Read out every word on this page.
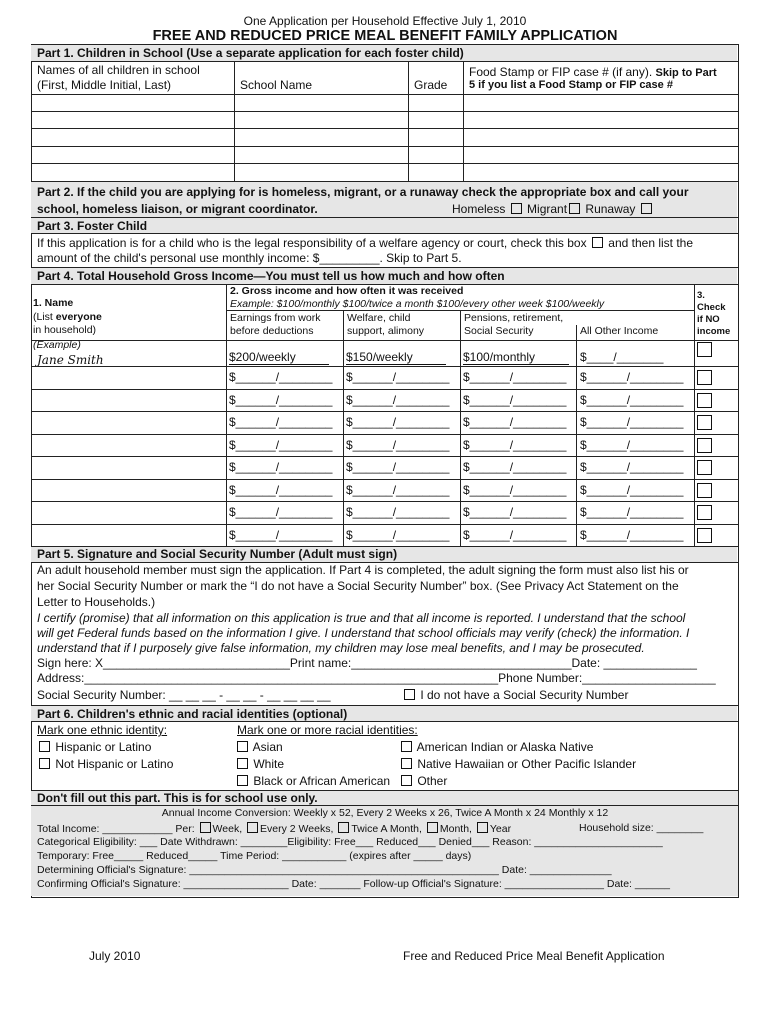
One Application per Household Effective July 1, 2010
FREE AND REDUCED PRICE MEAL BENEFIT FAMILY APPLICATION
Part 1. Children in School (Use a separate application for each foster child)
Names of all children in school
(First, Middle Initial, Last)	School Name	Grade
Food Stamp or FIP case # (if any). Skip to Part
5 if you list a Food Stamp or FIP case #
Part 2. If the child you are applying for is homeless, migrant, or a runaway check the appropriate box and call your
school, homeless liaison, or migrant coordinator.	Homeless Migrant Runaway
Part 3. Foster Child
If this application is for a child who is the legal responsibility of a welfare agency or court, check this box and then list the
amount of the child's personal use monthly income: $_________. Skip to Part 5.
Part 4. Total Household Gross Income—You must tell us how much and how often
2. Gross income and how often it was received
Example: $100/monthly $100/twice a month $100/every other week $100/weekly
1. Name
(List everyone
in household)
Earnings from work
before deductions
Welfare, child
support, alimony
Pensions, retirement,
Social Security	All Other Income
3.
Check
if NO
income
(Example)
Jane Smith	$200/weekly	$150/weekly	$100/monthly	$____/_______
$______/________ $______/________ $______/________ $______/________
$______/________ $______/________ $______/________ $______/________
$______/________ $______/________ $______/________ $______/________
$______/________ $______/________ $______/________ $______/________
$______/________ $______/________ $______/________ $______/________
$______/________ $______/________ $______/________ $______/________
$______/________ $______/________ $______/________ $______/________
$______/________ $______/________ $______/________ $______/________
Part 5. Signature and Social Security Number (Adult must sign)
An adult household member must sign the application. If Part 4 is completed, the adult signing the form must also list his or
her Social Security Number or mark the “I do not have a Social Security Number” box. (See Privacy Act Statement on the
Letter to Households.)
I certify (promise) that all information on this application is true and that all income is reported. I understand that the school
will get Federal funds based on the information I give. I understand that school officials may verify (check) the information. I
understand that if I purposely give false information, my children may lose meal benefits, and I may be prosecuted.
Sign here: X____________________________Print name:_________________________________Date: ______________
Address:______________________________________________________________Phone Number:____________________
Social Security Number: __ __ __ - __ __ - __ __ __ __	I do not have a Social Security Number
Part 6. Children's ethnic and racial identities (optional)
Mark one ethnic identity:	Mark one or more racial identities:
Hispanic or Latino
Not Hispanic or Latino
Asian
White
Black or African American
American Indian or Alaska Native
Native Hawaiian or Other Pacific Islander
Other
Don't fill out this part. This is for school use only.
Annual Income Conversion: Weekly x 52, Every 2 Weeks x 26, Twice A Month x 24 Monthly x 12
Total Income: ____________ Per: Week, Every 2 Weeks, Twice A Month, Month, Year	Household size: ________
Categorical Eligibility: ___ Date Withdrawn: ________Eligibility: Free___ Reduced___ Denied___ Reason: ______________________
Temporary: Free_____ Reduced_____ Time Period: ___________ (expires after _____ days)
Determining Official's Signature: _____________________________________________________ Date: ______________
Confirming Official's Signature: __________________ Date: _______ Follow-up Official's Signature: _________________ Date: ______
July 2010	Free and Reduced Price Meal Benefit Application
